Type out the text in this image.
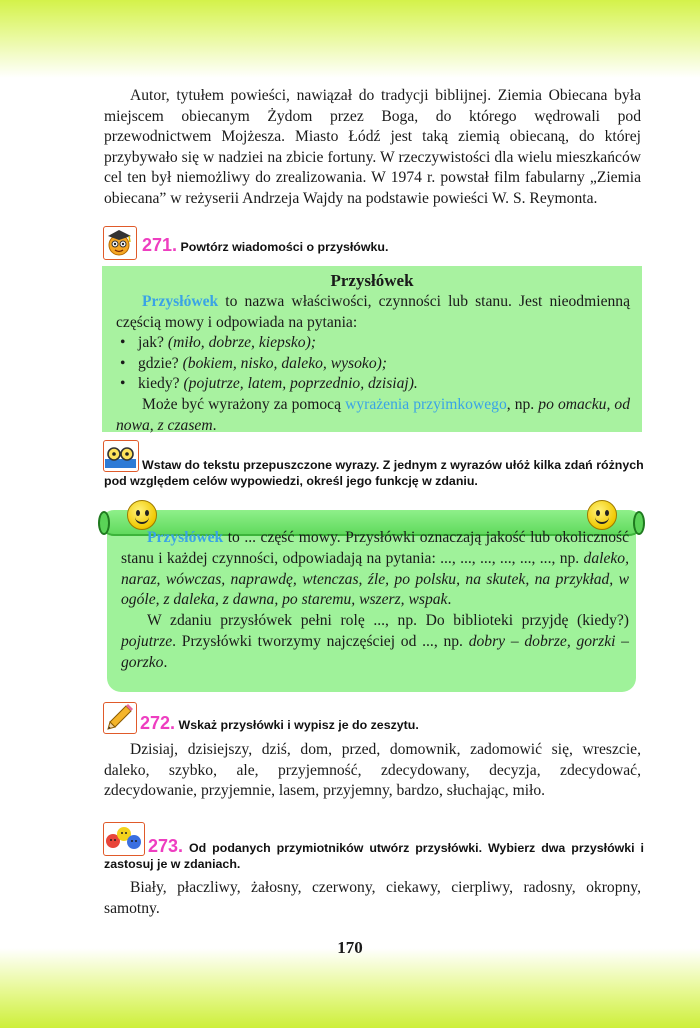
Autor, tytułem powieści, nawiązał do tradycji biblijnej. Ziemia Obiecana była miejscem obiecanym Żydom przez Boga, do którego wędrowali pod przewodnictwem Mojżesza. Miasto Łódź jest taką ziemią obiecaną, do której przybywało się w nadziei na zbicie fortuny. W rzeczywistości dla wielu mieszkańców cel ten był niemożliwy do zrealizowania. W 1974 r. powstał film fabularny „Ziemia obiecana” w reżyserii Andrzeja Wajdy na podstawie powieści W. S. Reymonta.

271. Powtórz wiadomości o przysłówku.
Przysłówek

Przysłówek to nazwa właściwości, czynności lub stanu. Jest nieodmienną częścią mowy i odpowiada na pytania:

• jak? (miło, dobrze, kiepsko);
• gdzie? (bokiem, nisko, daleko, wysoko);
• kiedy? (pojutrze, latem, poprzednio, dzisiaj).

Może być wyrażony za pomocą wyrażenia przyimkowego, np. po omacku, od nowa, z czasem.

Wstaw do tekstu przepuszczone wyrazy. Z jednym z wyrazów ułóż kilka zdań różnych pod względem celów wypowiedzi, określ jego funkcję w zdaniu.

Przysłówek to ... część mowy. Przysłówki oznaczają jakość lub okoliczność stanu i każdej czynności, odpowiadają na pytania: ..., ..., ..., ..., ..., ..., np. daleko, naraz, wówczas, naprawdę, wtenczas, źle, po polsku, na skutek, na przykład, w ogóle, z daleka, z dawna, po staremu, wszerz, wspak.

W zdaniu przysłówek pełni rolę ..., np. Do biblioteki przyjdę (kiedy?) pojutrze. Przysłówki tworzymy najczęściej od ..., np. dobry – dobrze, gorzki – gorzko.

272. Wskaż przysłówki i wypisz je do zeszytu.

Dzisiaj, dzisiejszy, dziś, dom, przed, domownik, zadomowić się, wreszcie, daleko, szybko, ale, przyjemność, zdecydowany, decyzja, zdecydować, zdecydowanie, przyjemnie, lasem, przyjemny, bardzo, słuchając, miło.

273. Od podanych przymiotników utwórz przysłówki. Wybierz dwa przysłówki i zastosuj je w zdaniach.

Biały, płaczliwy, żałosny, czerwony, ciekawy, cierpliwy, radosny, okropny, samotny.

170
